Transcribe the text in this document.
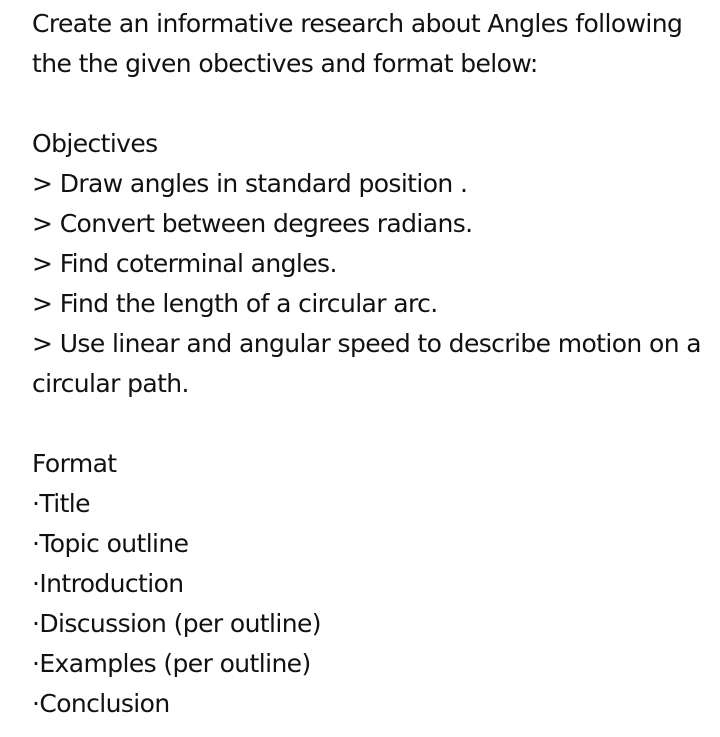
Create an informative research about Angles following
the the given obectives and format below:
Objectives
> Draw angles in standard position .
> Convert between degrees radians.
> Find coterminal angles.
> Find the length of a circular arc.
> Use linear and angular speed to describe motion on a
circular path.
Format
·Title
·Topic outline
·Introduction
·Discussion (per outline)
·Examples (per outline)
·Conclusion
